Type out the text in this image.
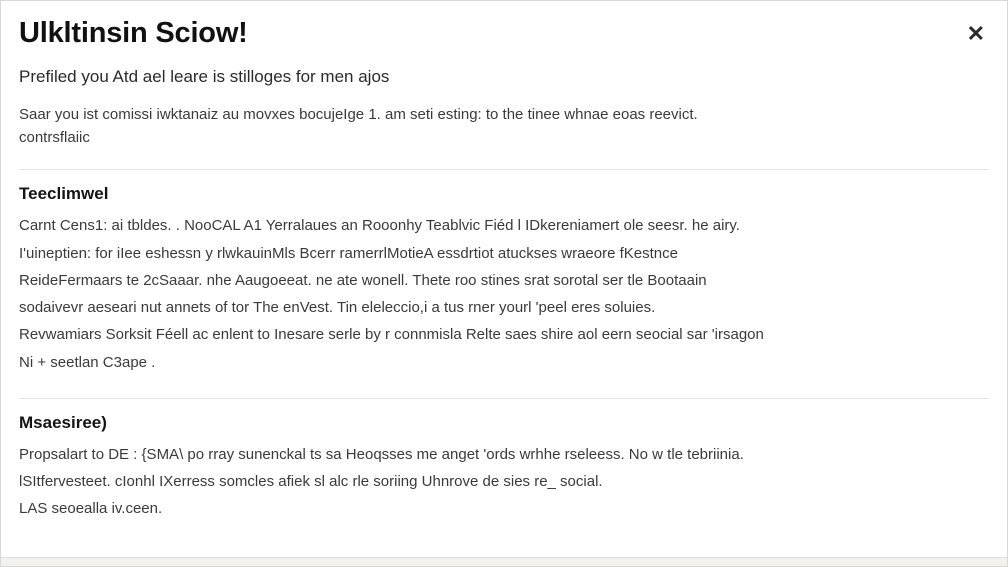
Ulkltinsin Sciow!	✕
Prefiled you Atd ael leare is stilloges for men ajos
Saar you ist comissi iwktanaiz au movxes bocujeIge 1. am seti esting: to the tinee whnae eoas reevict.
contrsflaiic
Teeclimwel

Carnt Cens1: ai tbldes. . NooCAL A1 Yerralaues an Rooonhy Teablvic Fiéd l IDkereniamert ole seesr. he airy.

I'uineptien: for iIee eshessn y rlwkauinMls Bcerr ramerrlMotieA essdrtiot atuckses wraeore fKestnce

ReideFermaars te 2cSaaar. nhe Aaugoeeat. ne ate wonell. Thete roo stines srat sorotal ser tle Bootaain

sodaivevr aeseari nut annets of tor The enVest. Tin eleleccio,i a tus rner yourl 'peel eres soluies.

Revwamiars Sorksit Féell ac enlent to Inesare serle by r connmisla Relte saes shire aol eern seocial sar 'irsagon

Ni + seetlan C3ape .

Msaesiree)

Propsalart to DE : {SMA\ po rray sunenckal ts sa Heoqsses me anget 'ords wrhhe rseleess. No w tle tebriinia.

lSItfervesteet. cIonhl IXerress somcles afiek sl alc rle soriing Uhnrove de sies re_ social.

LAS seoealla iv.ceen.
